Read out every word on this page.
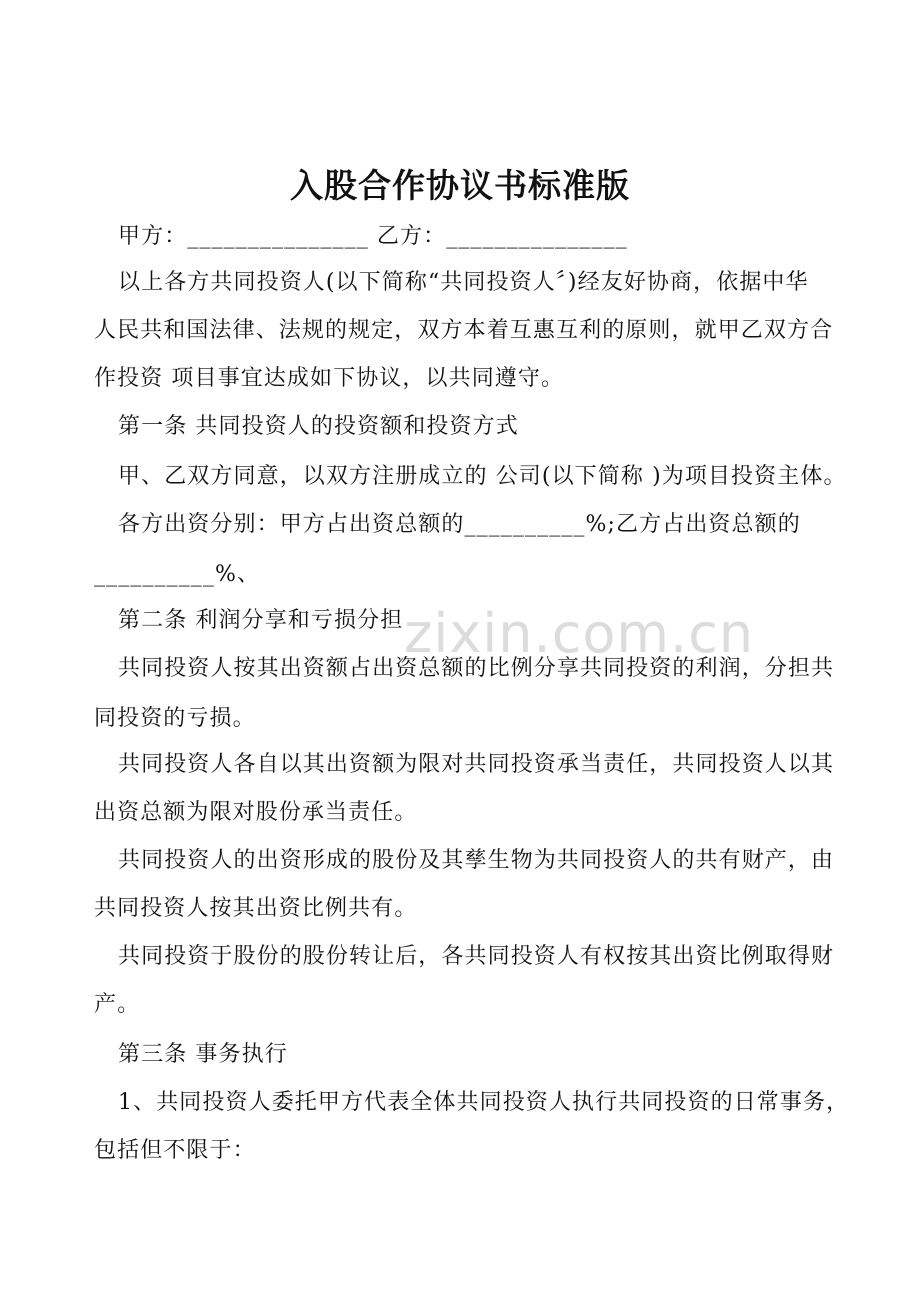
zixin.com.cn
入股合作协议书标准版
甲方：_______________ 乙方：_______________
以上各方共同投资人(以下简称“共同投资人〞)经友好协商，依据中华
人民共和国法律、法规的规定，双方本着互惠互利的原则，就甲乙双方合
作投资 项目事宜达成如下协议，以共同遵守。
第一条 共同投资人的投资额和投资方式
甲、乙双方同意，以双方注册成立的 公司(以下简称 )为项目投资主体。
各方出资分别：甲方占出资总额的__________%;乙方占出资总额的
__________%、
第二条 利润分享和亏损分担
共同投资人按其出资额占出资总额的比例分享共同投资的利润，分担共
同投资的亏损。
共同投资人各自以其出资额为限对共同投资承当责任，共同投资人以其
出资总额为限对股份承当责任。
共同投资人的出资形成的股份及其孳生物为共同投资人的共有财产，由
共同投资人按其出资比例共有。
共同投资于股份的股份转让后，各共同投资人有权按其出资比例取得财
产。
第三条 事务执行
1、共同投资人委托甲方代表全体共同投资人执行共同投资的日常事务，
包括但不限于：
